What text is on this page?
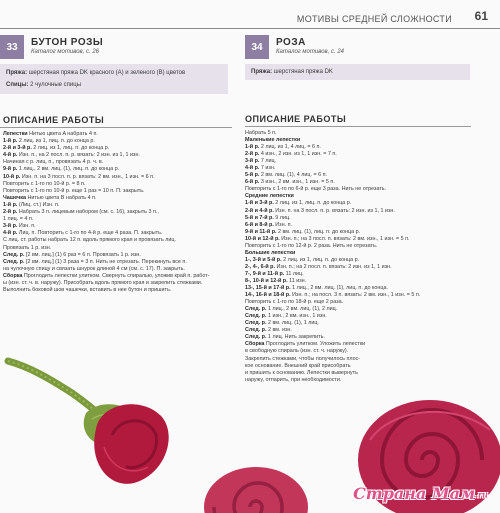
МОТИВЫ СРЕДНЕЙ СЛОЖНОСТИ 61
33	БУТОН РОЗЫ
Каталог мотивов, с. 26
Пряжа: шерстяная пряжа DK красного (A) и зеленого (B) цветов
Спицы: 2 чулочные спицы
ОПИСАНИЕ РАБОТЫ
Лепестки Нитью цвета A набрать 4 п.
1-й р. 2 лиц. из 1, лиц. п. до конца р.
2-й и 3-й р. 2 лиц. из 1, лиц. п. до конца р.
4-й р. Изн. п., на 2 посл. п. р. вязать: 2 изн. из 1, 1 изн.
Начиная с р. лиц. п., провязать 4 р. ч. в.
9-й р. 1 лиц., 2 вм. лиц. (1), лиц. п. до конца р.
10-й р. Изн. п. на 3 посл. п. р. вязать: 2 вм. изн., 1 изн. = 6 п.
Повторить с 1-го по 10-й р. = 8 п.
Повторить с 1-го по 10-й р. еще 1 раз = 10 п. П. закрыть.
Чашечка Нитью цвета B набрать 4 п.
1-й р. (Лиц. ст.) Изн. п.
2-й р. Набрать 3 п. лицевым набором (см. с. 16), закрыть 3 п.,
1 лиц. = 4 п.
3-й р. Изн. п.
4-й р. Лиц. п. Повторить с 1-го по 4-й р. еще 4 раза. П. закрыть.
С лиц. ст. работы набрать 12 п. вдоль прямого края и провязать лиц.
Провязать 1 р. изн.
След. р. [2 вм. лиц.] (1) 6 раз = 6 п. Провязать 1 р. изн.
След. р. [2 вм. лиц.] (1) 3 раза = 3 п. Нить не отрезать. Перекинуть все п.
на чулочную спицу и связать шнурок длиной 4 см (см. с. 17). П. закрыть.
Сборка Проглодить лепестки улитком. Свернуть спиралью, уложив край п. работ-
ы (изн. ст. ч. в. наружу). Присобрать вдоль прямого края и закрепить стежками.
Выполнить боковой шов чашечки, вставить в нее бутон и пришить.
34	РОЗА
Каталог мотивов, с. 24
Пряжа: шерстяная пряжа DK
ОПИСАНИЕ РАБОТЫ
Набрать 5 п.
Маленькие лепестки
1-й р. 2 лиц. из 1, 4 лиц. = 6 п.
2-й р. 4 изн., 2 изн. из 1, 1 изн. = 7 п.
3-й р. 7 лиц.
4-й р. 7 изн.
5-й р. 2 вм. лиц. (1), 4 лиц. = 6 п.
6-й р. 3 изн., 2 вм. изн., 1 изн. = 5 п.
Повторить с 1-го по 6-й р. еще 3 раза. Нить не отрезать.
Средние лепестки
1-й и 3-й р. 2 лиц. из 1, лиц. п. до конца р.
2-й и 4-й р. Изн. п. на 3 посл. п. р. вязать: 2 изн. из 1, 1 изн.
5-й и 7-й р. 9 лиц.
6-й и 8-й р. Изн. п.
9-й и 11-й р. 2 вм. лиц. (1), лиц. п. до конца р.
10-й и 12-й р. Изн. п.; на 3 посл. п. вязать: 2 вм. изн., 1 изн. = 5 п.
Повторить с 1-го по 12-й р. 2 раза. Нить не отрезать.
Большие лепестки
1-, 3-й и 5-й р. 2 лиц. из 1, лиц. п. до конца р.
2-, 4-, 6-й р. Изн. п.; на 2 посл. п. вязать: 2 изн. из 1, 1 изн.
7-, 9-й и 11-й р. 11 лиц.
8-, 10-й и 12-й р. 11 изн.
13-, 15-й и 17-й р. 1 лиц., 2 вм. лиц. (1), лиц. п. до конца.
14-, 16-й и 18-й р. Изн. п.; на посл. 3 п. вязать: 2 вм. изн., 1 изн. = 5 п.
Повторить с 1-го по 18-й р. еще 2 раза.
След. р. 1 лиц., 2 вм. лиц. (1), 2 лиц.
След. р. 1 изн., 2 вм. изн., 1 изн.
След. р. 2 вм. лиц. (1), 1 лиц.
След. р. 2 вм. изн.
След. р. 1 лиц. Нить закрепить.
Сборка Проглодить улитком. Уложить лепестки
в свободную спираль (изн. ст. ч. наружу).
Закрепить стежками, чтобы получилось плос-
кое основание. Внешний край присобрать
и пришить к основанию. Лепестки вывернуть
наружу, отпарить, при необходимости.
Страна Мам.ru
